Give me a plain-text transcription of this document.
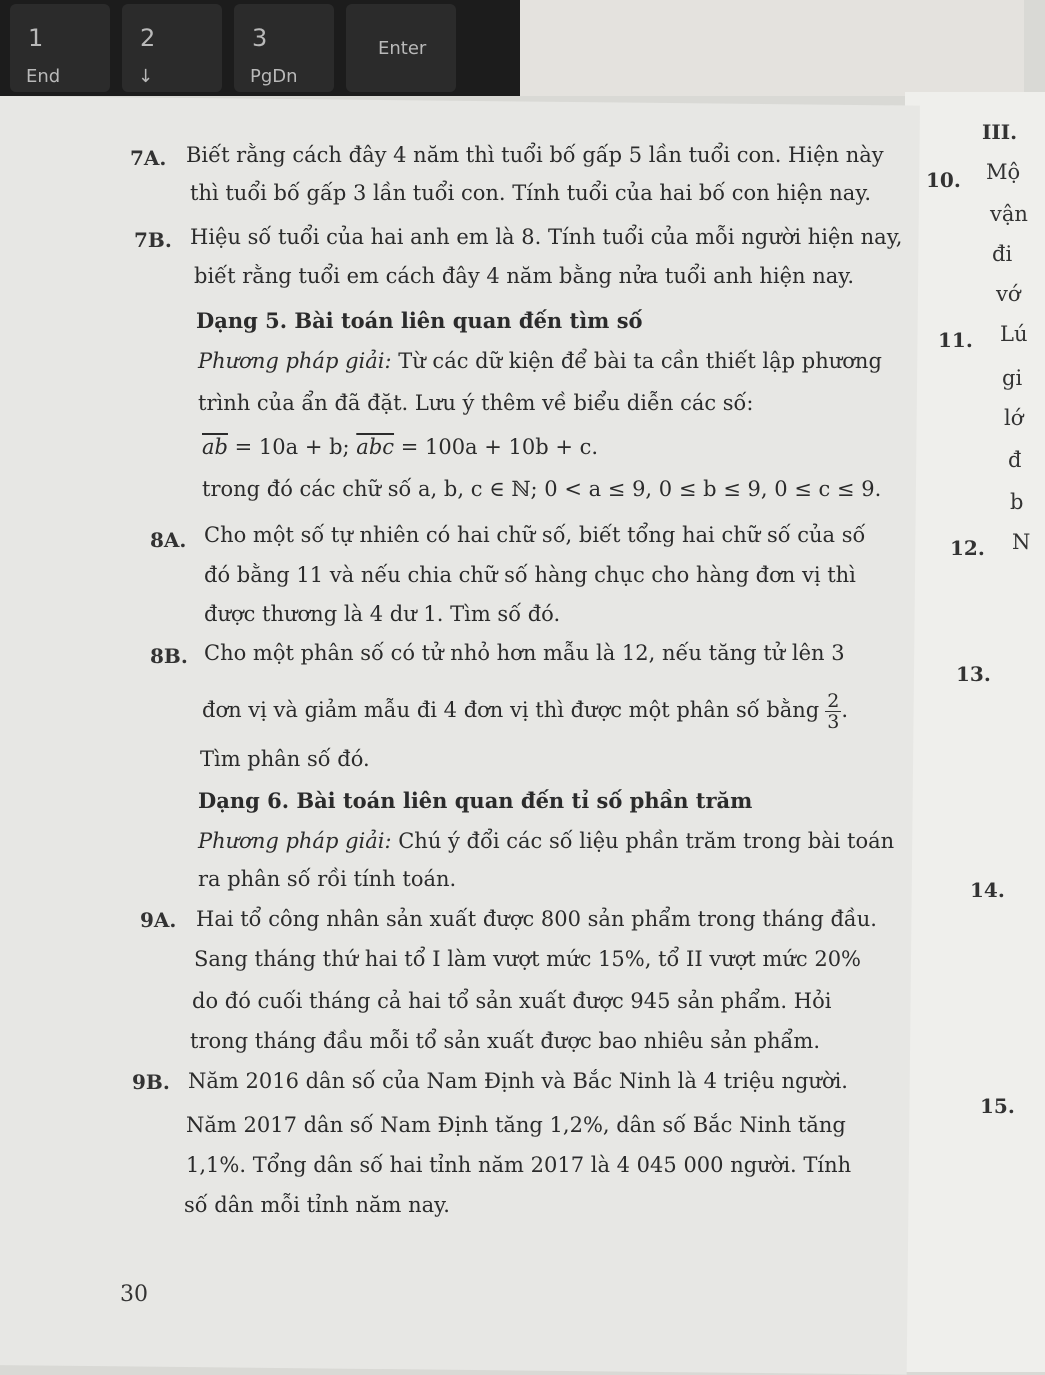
1
End
2
↓
3
PgDn
Enter
7A. Biết rằng cách đây 4 năm thì tuổi bố gấp 5 lần tuổi con. Hiện này
thì tuổi bố gấp 3 lần tuổi con. Tính tuổi của hai bố con hiện nay.
7B. Hiệu số tuổi của hai anh em là 8. Tính tuổi của mỗi người hiện nay,
biết rằng tuổi em cách đây 4 năm bằng nửa tuổi anh hiện nay.
Dạng 5. Bài toán liên quan đến tìm số
Phương pháp giải: Từ các dữ kiện để bài ta cần thiết lập phương
trình của ẩn đã đặt. Lưu ý thêm về biểu diễn các số:
$\overline{ab} = 10a + b$; $\overline{abc} = 100a + 10b + c$.
trong đó các chữ số a, b, c ∈ ℕ; 0 < a ≤ 9, 0 ≤ b ≤ 9, 0 ≤ c ≤ 9.
8A. Cho một số tự nhiên có hai chữ số, biết tổng hai chữ số của số
đó bằng 11 và nếu chia chữ số hàng chục cho hàng đơn vị thì
được thương là 4 dư 1. Tìm số đó.
8B. Cho một phân số có tử nhỏ hơn mẫu là 12, nếu tăng tử lên 3
đơn vị và giảm mẫu đi 4 đơn vị thì được một phân số bằng $\frac{2}{3}$ .
Tìm phân số đó.
Dạng 6. Bài toán liên quan đến tỉ số phần trăm
Phương pháp giải: Chú ý đổi các số liệu phần trăm trong bài toán
ra phân số rồi tính toán.
9A. Hai tổ công nhân sản xuất được 800 sản phẩm trong tháng đầu.
Sang tháng thứ hai tổ I làm vượt mức 15%, tổ II vượt mức 20%
do đó cuối tháng cả hai tổ sản xuất được 945 sản phẩm. Hỏi
trong tháng đầu mỗi tổ sản xuất được bao nhiêu sản phẩm.
9B. Năm 2016 dân số của Nam Định và Bắc Ninh là 4 triệu người.
Năm 2017 dân số Nam Định tăng 1,2%, dân số Bắc Ninh tăng
1,1%. Tổng dân số hai tỉnh năm 2017 là 4 045 000 người. Tính
số dân mỗi tỉnh năm nay.
30
III.
10. Mộ
vận
đi
vớ
11. Lú
gi
lớ
đ
b
12. N
13.
14.
15.
